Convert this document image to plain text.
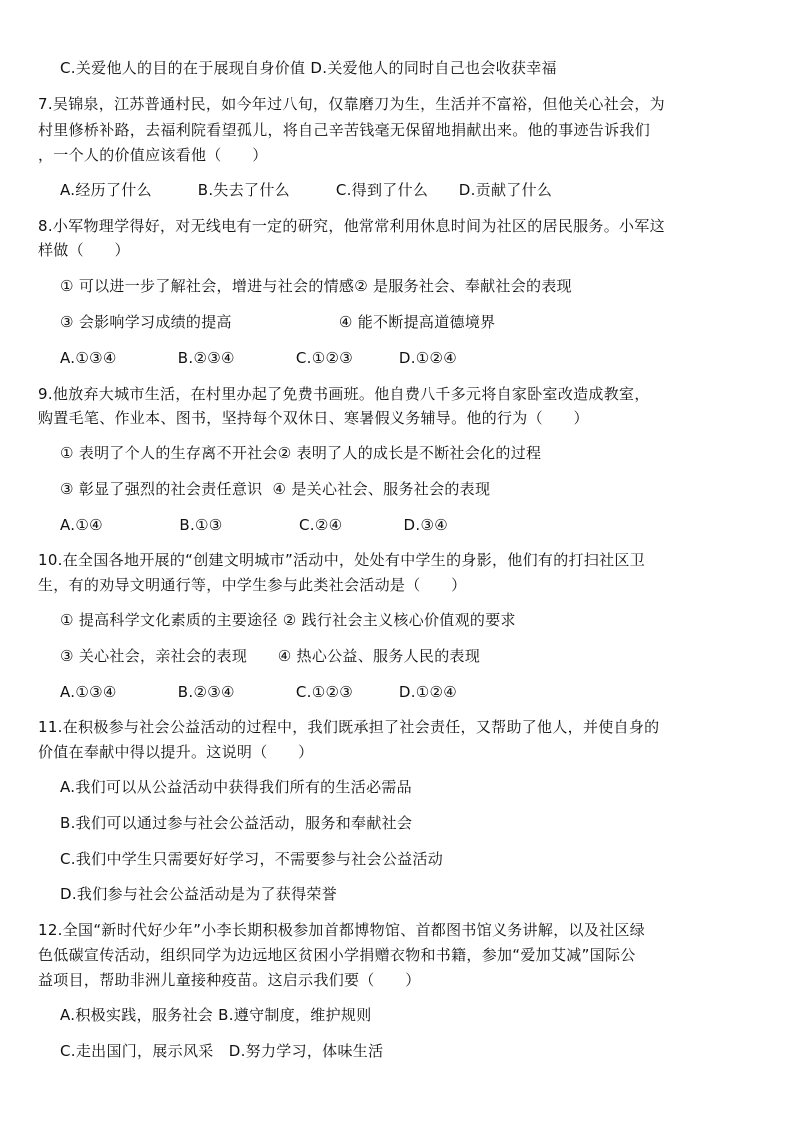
C.关爱他人的目的在于展现自身价值 D.关爱他人的同时自己也会收获幸福
7.吴锦泉，江苏普通村民，如今年过八旬，仅靠磨刀为生，生活并不富裕，但他关心社会，为
村里修桥补路，去福利院看望孤儿，将自己辛苦钱毫无保留地捐献出来。他的事迹告诉我们
，一个人的价值应该看他（　　）
A.经历了什么　　　B.失去了什么　　　C.得到了什么　　D.贡献了什么
8.小军物理学得好，对无线电有一定的研究，他常常利用休息时间为社区的居民服务。小军这
样做（　　）
① 可以进一步了解社会，增进与社会的情感② 是服务社会、奉献社会的表现
③ 会影响学习成绩的提高　　　　　　　④ 能不断提高道德境界
A.①③④　　　　B.②③④　　　　C.①②③　　　D.①②④
9.他放弃大城市生活，在村里办起了免费书画班。他自费八千多元将自家卧室改造成教室，
购置毛笔、作业本、图书，坚持每个双休日、寒暑假义务辅导。他的行为（　　）
① 表明了个人的生存离不开社会② 表明了人的成长是不断社会化的过程
③ 彰显了强烈的社会责任意识  ④ 是关心社会、服务社会的表现
A.①④　　　　　B.①③　　　　　C.②④　　　　D.③④
10.在全国各地开展的“创建文明城市”活动中，处处有中学生的身影，他们有的打扫社区卫
生，有的劝导文明通行等，中学生参与此类社会活动是（　　）
① 提高科学文化素质的主要途径 ② 践行社会主义核心价值观的要求
③ 关心社会，亲社会的表现　　④ 热心公益、服务人民的表现
A.①③④　　　　B.②③④　　　　C.①②③　　　D.①②④
11.在积极参与社会公益活动的过程中，我们既承担了社会责任，又帮助了他人，并使自身的
价值在奉献中得以提升。这说明（　　）
A.我们可以从公益活动中获得我们所有的生活必需品
B.我们可以通过参与社会公益活动，服务和奉献社会
C.我们中学生只需要好好学习，不需要参与社会公益活动
D.我们参与社会公益活动是为了获得荣誉
12.全国“新时代好少年”小李长期积极参加首都博物馆、首都图书馆义务讲解，以及社区绿
色低碳宣传活动，组织同学为边远地区贫困小学捐赠衣物和书籍，参加“爱加艾减”国际公
益项目，帮助非洲儿童接种疫苗。这启示我们要（　　）
A.积极实践，服务社会 B.遵守制度，维护规则
C.走出国门，展示风采   D.努力学习，体味生活
